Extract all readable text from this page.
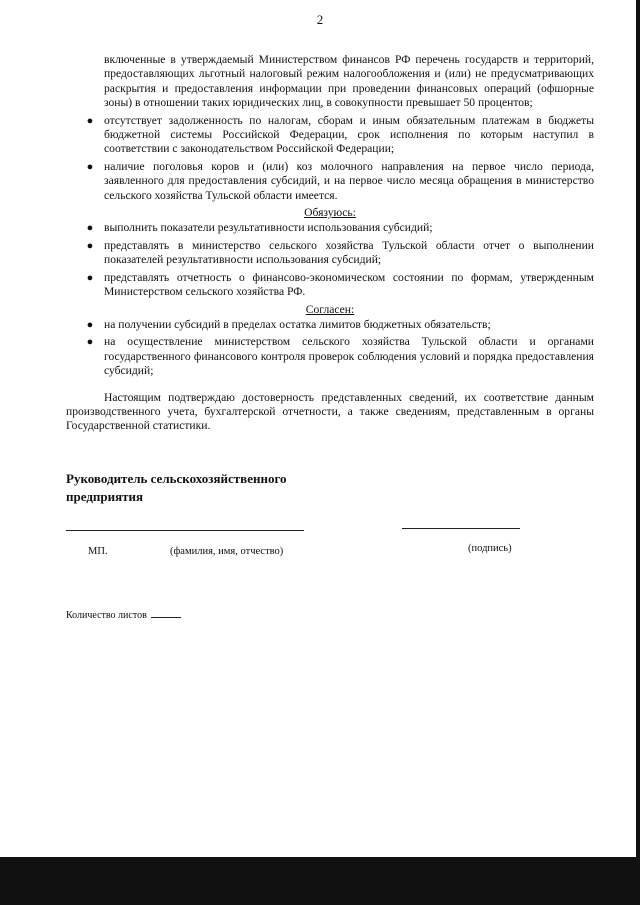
2

включенные в утверждаемый Министерством финансов РФ перечень государств и территорий, предоставляющих льготный налоговый режим налогообложения и (или) не предусматривающих раскрытия и предоставления информации при проведении финансовых операций (офшорные зоны) в отношении таких юридических лиц, в совокупности превышает 50 процентов;

● отсутствует задолженность по налогам, сборам и иным обязательным платежам в бюджеты бюджетной системы Российской Федерации, срок исполнения по которым наступил в соответствии с законодательством Российской Федерации;
● наличие поголовья коров и (или) коз молочного направления на первое число периода, заявленного для предоставления субсидий, и на первое число месяца обращения в министерство сельского хозяйства Тульской области имеется.
Обязуюсь:
● выполнить показатели результативности использования субсидий;
● представлять в министерство сельского хозяйства Тульской области отчет о выполнении показателей результативности использования субсидий;
● представлять отчетность о финансово-экономическом состоянии по формам, утвержденным Министерством сельского хозяйства РФ.
Согласен:
● на получении субсидий в пределах остатка лимитов бюджетных обязательств;
● на осуществление министерством сельского хозяйства Тульской области и органами государственного финансового контроля проверок соблюдения условий и порядка предоставления субсидий;

Настоящим подтверждаю достоверность представленных сведений, их соответствие данным производственного учета, бухгалтерской отчетности, а также сведениям, представленным в органы Государственной статистики.

Руководитель сельскохозяйственного
предприятия
МП.	(фамилия, имя, отчество)	(подпись)
Количество листов
